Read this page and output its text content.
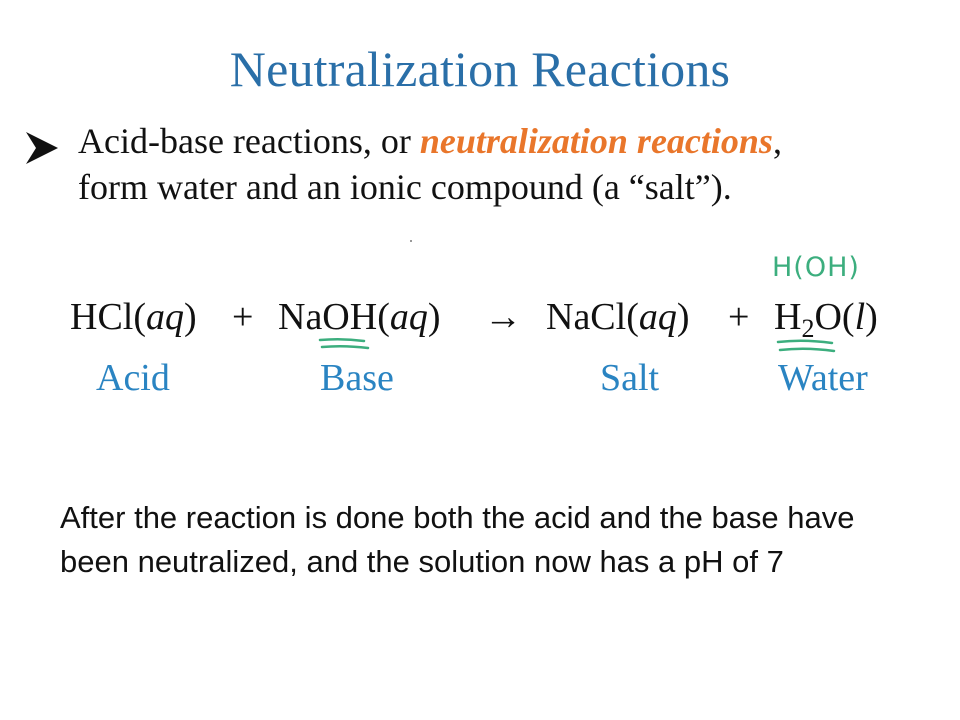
Neutralization Reactions
Acid-base reactions, or neutralization reactions,
form water and an ionic compound (a “salt”).
H(OH)
HCl(aq) + NaOH(aq) → NaCl(aq) + $H_2O(l)$
Acid	Base	Salt	Water
After the reaction is done both the acid and the base have been neutralized, and the solution now has a pH of 7
